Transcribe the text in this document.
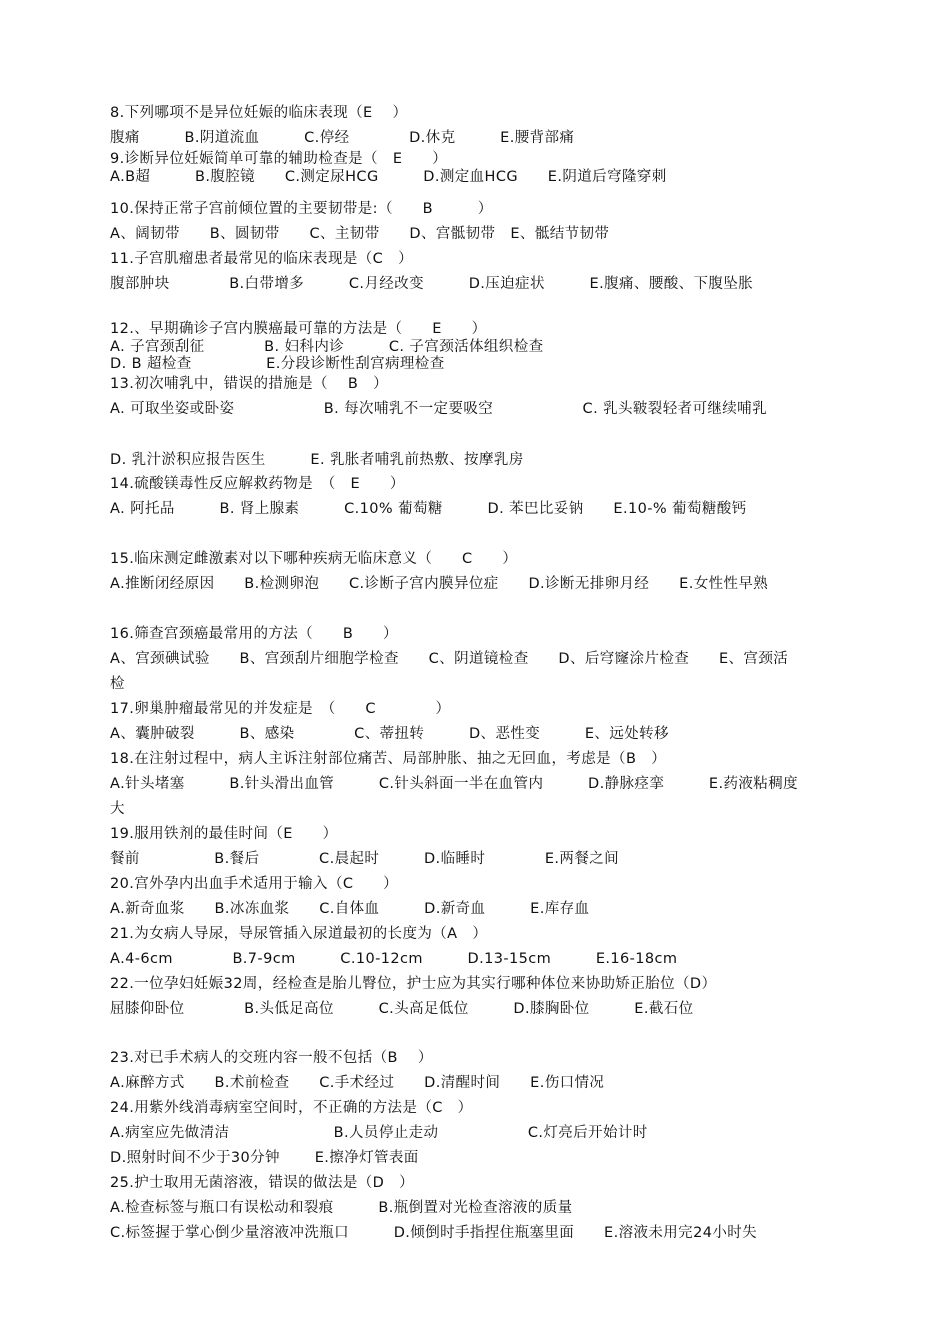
8.下列哪项不是异位妊娠的临床表现（E　 ）
腹痛　　　B.阴道流血　　　C.停经　　　　D.休克　　　E.腰背部痛
9.诊断异位妊娠简单可靠的辅助检查是（　E　　）
A.B超　　　B.腹腔镜　　C.测定尿HCG　　　D.测定血HCG　　E.阴道后穹隆穿刺
10.保持正常子宫前倾位置的主要韧带是:（　　B　　　）
A、阔韧带　　B、圆韧带　　C、主韧带　　D、宫骶韧带　E、骶结节韧带
11.子宫肌瘤患者最常见的临床表现是（C　）
腹部肿块　　　　B.白带增多　　　C.月经改变　　　D.压迫症状　　　E.腹痛、腰酸、下腹坠胀
12.、早期确诊子宫内膜癌最可靠的方法是（　　E　　）
A. 子宫颈刮征　　　　B. 妇科内诊　　　C. 子宫颈活体组织检查
D. B 超检查　　　　　E.分段诊断性刮宫病理检查
13.初次哺乳中，错误的措施是（　 B　）
A. 可取坐姿或卧姿　　　　　　B. 每次哺乳不一定要吸空　　　　　　C. 乳头皲裂轻者可继续哺乳
D. 乳汁淤积应报告医生　　　E. 乳胀者哺乳前热敷、按摩乳房
14.硫酸镁毒性反应解救药物是　（　E　　）
A. 阿托品　　　B. 肾上腺素　　　C.10% 葡萄糖　　　D. 苯巴比妥钠　　E.10-% 葡萄糖酸钙
15.临床测定雌激素对以下哪种疾病无临床意义（　　C　　）
A.推断闭经原因　　B.检测卵泡　　C.诊断子宫内膜异位症　　D.诊断无排卵月经　　E.女性性早熟
16.筛查宫颈癌最常用的方法（　　B　　）
A、宫颈碘试验　　B、宫颈刮片细胞学检查　　C、阴道镜检查　　D、后穹窿涂片检查　　E、宫颈活
检
17.卵巢肿瘤最常见的并发症是　（　　C　　　　）
A、囊肿破裂　　　B、感染　　　　C、蒂扭转　　　D、恶性变　　　E、远处转移
18.在注射过程中，病人主诉注射部位痛苦、局部肿胀、抽之无回血，考虑是（B　）
A.针头堵塞　　　B.针头滑出血管　　　C.针头斜面一半在血管内　　　D.静脉痉挛　　　E.药液粘稠度
大
19.服用铁剂的最佳时间（E　　）
餐前　　　　　B.餐后　　　　C.晨起时　　　D.临睡时　　　　E.两餐之间
20.宫外孕内出血手术适用于输入（C　　）
A.新奇血浆　　B.冰冻血浆　　C.自体血　　　D.新奇血　　　E.库存血
21.为女病人导尿，导尿管插入尿道最初的长度为（A　）
A.4-6cm　　　　B.7-9cm　　　C.10-12cm　　　D.13-15cm　　　E.16-18cm
22.一位孕妇妊娠32周，经检查是胎儿臀位，护士应为其实行哪种体位来协助矫正胎位（D）
屈膝仰卧位　　　　B.头低足高位　　　C.头高足低位　　　D.膝胸卧位　　　E.截石位
23.对已手术病人的交班内容一般不包括（B　 ）
A.麻醉方式　　B.术前检查　　C.手术经过　　D.清醒时间　　E.伤口情况
24.用紫外线消毒病室空间时，不正确的方法是（C　）
A.病室应先做清洁　　　　　　　B.人员停止走动　　　　　　C.灯亮后开始计时
D.照射时间不少于30分钟　　 E.擦净灯管表面
25.护士取用无菌溶液，错误的做法是（D　）
A.检查标签与瓶口有误松动和裂痕　　　B.瓶倒置对光检查溶液的质量
C.标签握于掌心倒少量溶液冲洗瓶口　　　D.倾倒时手指捏住瓶塞里面　　E.溶液未用完24小时失
